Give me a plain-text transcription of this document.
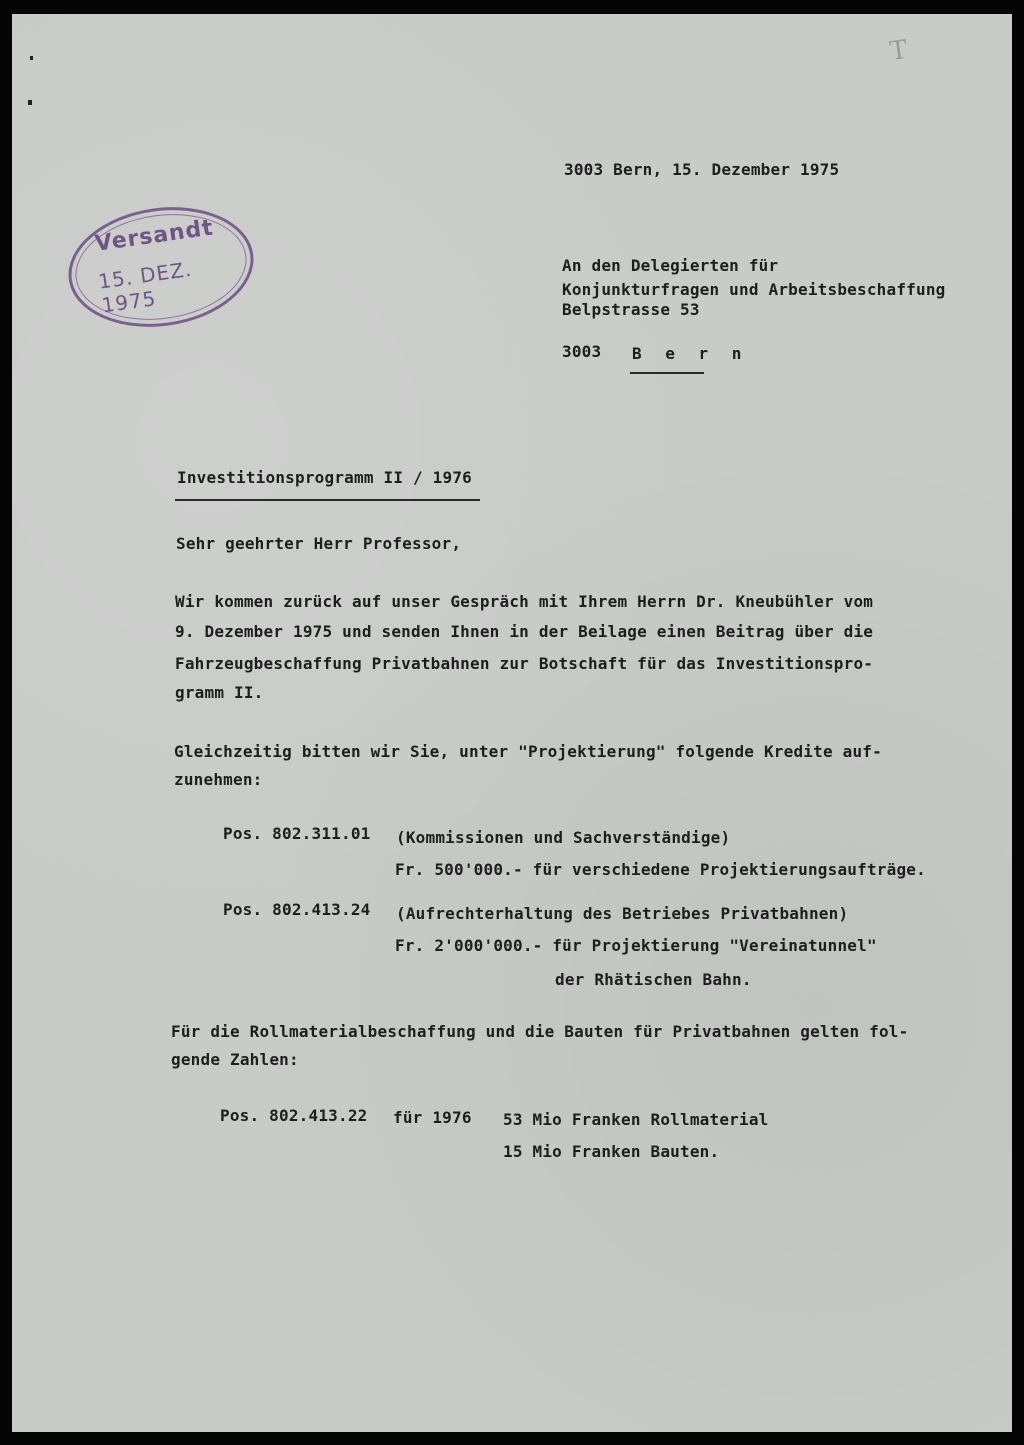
T
Versandt
15. DEZ. 1975
3003 Bern, 15. Dezember 1975
An den Delegierten für
Konjunkturfragen und Arbeitsbeschaffung
Belpstrasse 53
3003 B e r n
Investitionsprogramm II / 1976
Sehr geehrter Herr Professor,
Wir kommen zurück auf unser Gespräch mit Ihrem Herrn Dr. Kneubühler vom
9. Dezember 1975 und senden Ihnen in der Beilage einen Beitrag über die
Fahrzeugbeschaffung Privatbahnen zur Botschaft für das Investitionspro-
gramm II.
Gleichzeitig bitten wir Sie, unter "Projektierung" folgende Kredite auf-
zunehmen:
Pos. 802.311.01 (Kommissionen und Sachverständige)
Fr. 500'000.- für verschiedene Projektierungsaufträge.
Pos. 802.413.24 (Aufrechterhaltung des Betriebes Privatbahnen)
Fr. 2'000'000.- für Projektierung "Vereinatunnel"
der Rhätischen Bahn.
Für die Rollmaterialbeschaffung und die Bauten für Privatbahnen gelten fol-
gende Zahlen:
Pos. 802.413.22 für 1976 53 Mio Franken Rollmaterial
15 Mio Franken Bauten.
